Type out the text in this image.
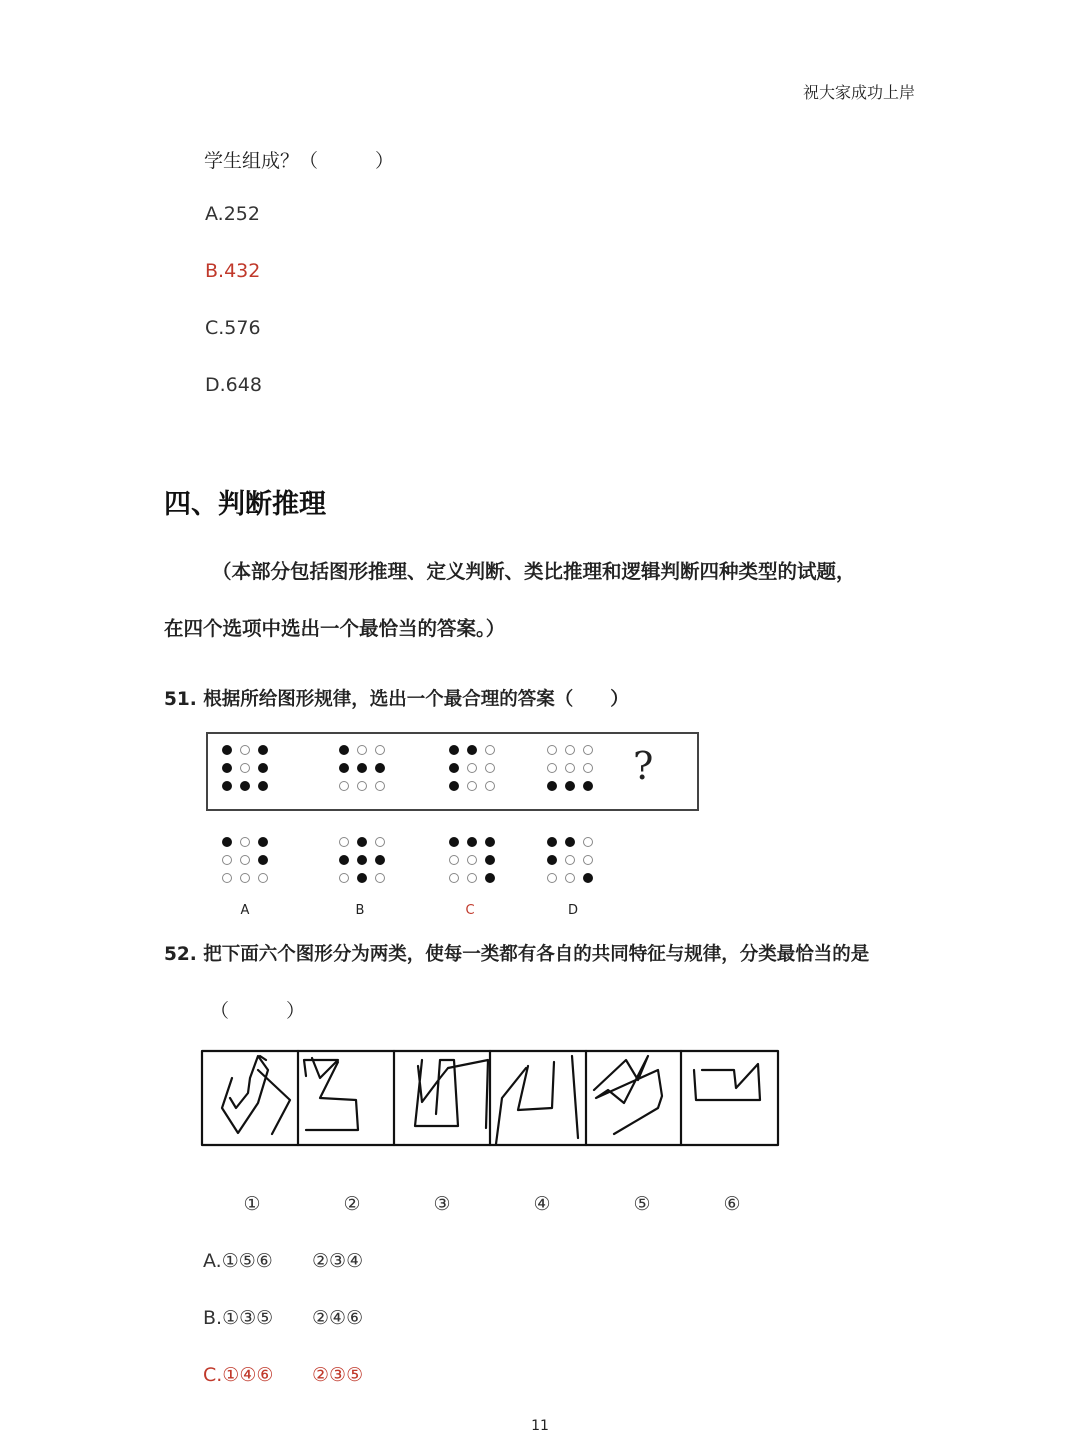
祝大家成功上岸
学生组成？（　　　）
A.252
B.432
C.576
D.648
四、判断推理
（本部分包括图形推理、定义判断、类比推理和逻辑判断四种类型的试题，
在四个选项中选出一个最恰当的答案。）
51. 根据所给图形规律，选出一个最合理的答案（　　）
?
A	B	C	D
52. 把下面六个图形分为两类，使每一类都有各自的共同特征与规律，分类最恰当的是
（　　　）
①	②	③	④	⑤	⑥
A.①⑤⑥ ②③④
B.①③⑤ ②④⑥
C.①④⑥ ②③⑤
11
